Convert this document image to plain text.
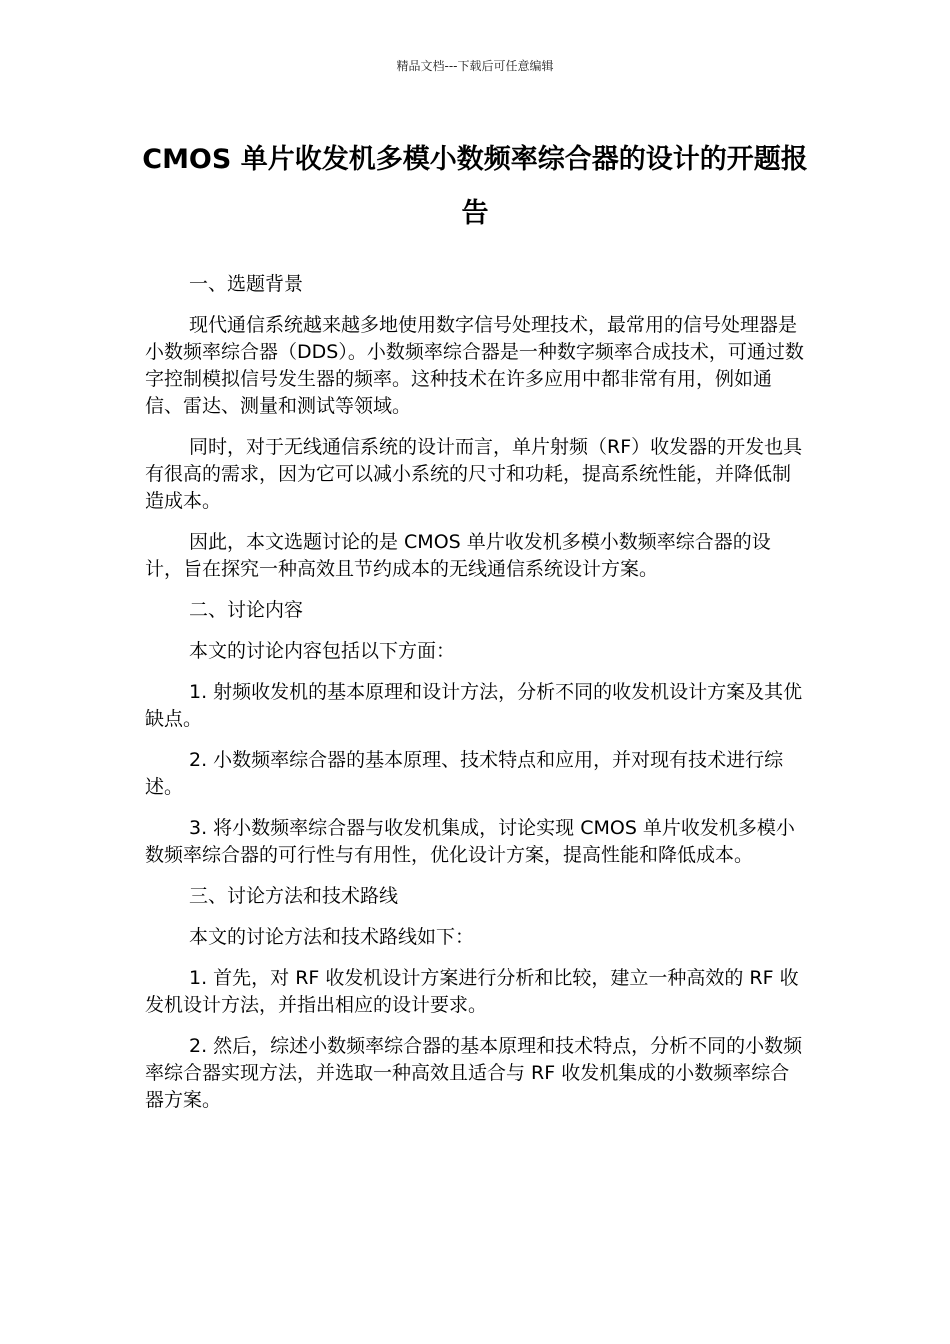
精品文档---下载后可任意编辑
CMOS 单片收发机多模小数频率综合器的设计的开题报告

一、选题背景

现代通信系统越来越多地使用数字信号处理技术，最常用的信号处理器是小数频率综合器（DDS）。小数频率综合器是一种数字频率合成技术，可通过数字控制模拟信号发生器的频率。这种技术在许多应用中都非常有用，例如通信、雷达、测量和测试等领域。

同时，对于无线通信系统的设计而言，单片射频（RF）收发器的开发也具有很高的需求，因为它可以减小系统的尺寸和功耗，提高系统性能，并降低制造成本。

因此，本文选题讨论的是 CMOS 单片收发机多模小数频率综合器的设计，旨在探究一种高效且节约成本的无线通信系统设计方案。

二、讨论内容

本文的讨论内容包括以下方面：

1. 射频收发机的基本原理和设计方法，分析不同的收发机设计方案及其优缺点。

2. 小数频率综合器的基本原理、技术特点和应用，并对现有技术进行综述。

3. 将小数频率综合器与收发机集成，讨论实现 CMOS 单片收发机多模小数频率综合器的可行性与有用性，优化设计方案，提高性能和降低成本。

三、讨论方法和技术路线

本文的讨论方法和技术路线如下：

1. 首先，对 RF 收发机设计方案进行分析和比较，建立一种高效的 RF 收发机设计方法，并指出相应的设计要求。

2. 然后，综述小数频率综合器的基本原理和技术特点，分析不同的小数频率综合器实现方法，并选取一种高效且适合与 RF 收发机集成的小数频率综合器方案。
